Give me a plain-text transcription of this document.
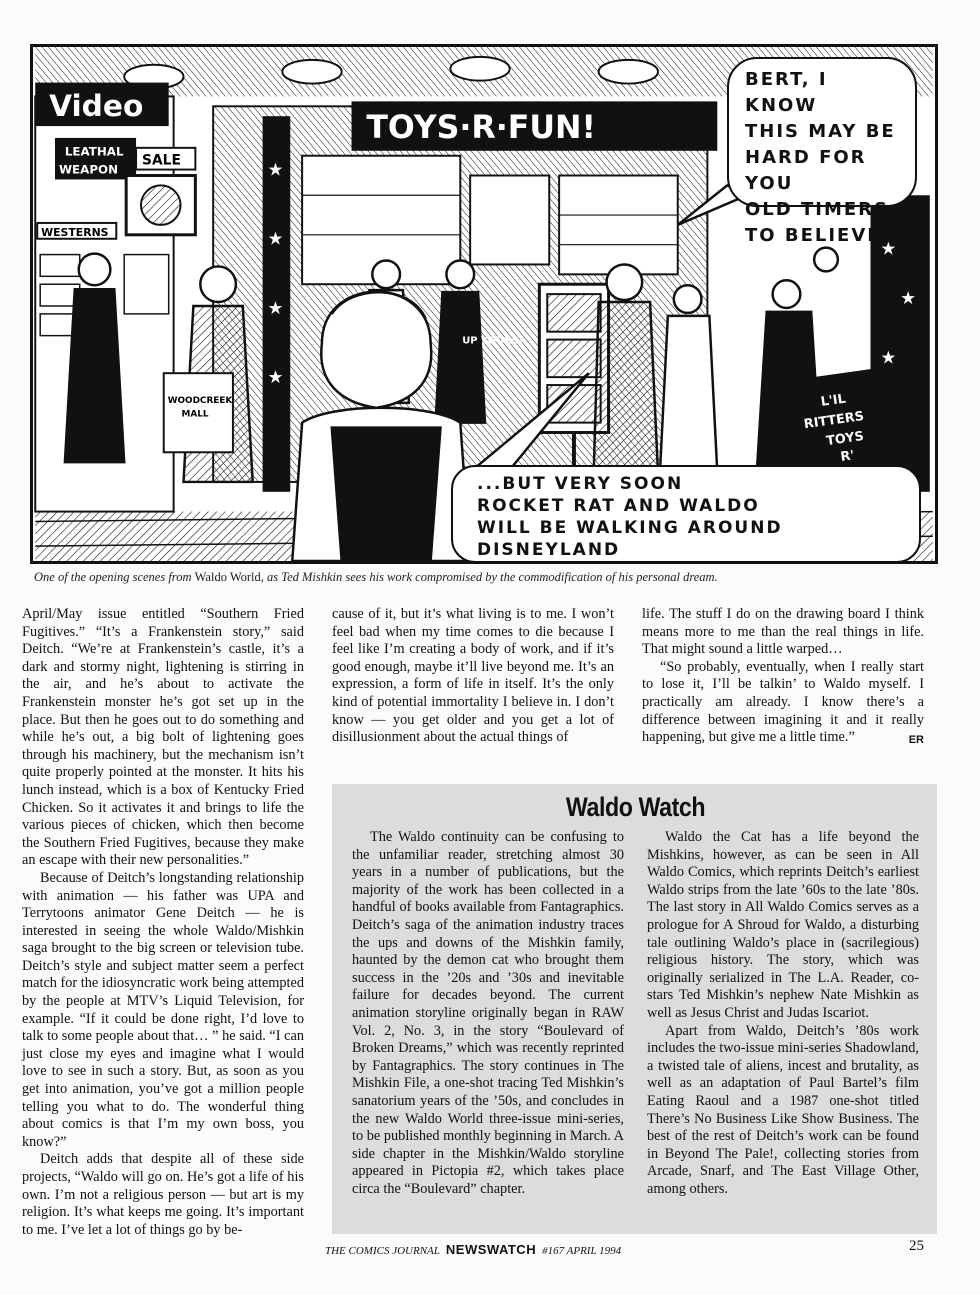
Video
LEATHAL
WEAPON
SALE
WESTERNS
TOYS·R·FUN!
★
★
★
★
★
★
★
UP YOURS!
WOODCREEK
MALL
L'IL
RITTERS
TOYS
R'
BERT, I KNOW
THIS MAY BE
HARD FOR YOU
OLD TIMERS
TO BELIEVE,
...BUT VERY SOON
ROCKET RAT AND WALDO
WILL BE WALKING AROUND DISNEYLAND

One of the opening scenes from Waldo World, as Ted Mishkin sees his work compromised by the commodification of his personal dream.

April/May issue entitled “Southern Fried Fugitives.” “It’s a Frankenstein story,” said Deitch. “We’re at Frankenstein’s castle, it’s a dark and stormy night, lightening is stirring in the air, and he’s about to activate the Frankenstein monster he’s got set up in the place. But then he goes out to do something and while he’s out, a big bolt of lightening goes through his machinery, but the mechanism isn’t quite properly pointed at the monster. It hits his lunch instead, which is a box of Kentucky Fried Chicken. So it activates it and brings to life the various pieces of chicken, which then become the Southern Fried Fugitives, because they make an escape with their new personalities.”

Because of Deitch’s longstanding relationship with animation — his father was UPA and Terrytoons animator Gene Deitch — he is interested in seeing the whole Waldo/Mishkin saga brought to the big screen or television tube. Deitch’s style and subject matter seem a perfect match for the idiosyncratic work being attempted by the people at MTV’s Liquid Television, for example. “If it could be done right, I’d love to talk to some people about that… ” he said. “I can just close my eyes and imagine what I would love to see in such a story. But, as soon as you get into animation, you’ve got a million people telling you what to do. The wonderful thing about comics is that I’m my own boss, you know?”

Deitch adds that despite all of these side projects, “Waldo will go on. He’s got a life of his own. I’m not a religious person — but art is my religion. It’s what keeps me going. It’s important to me. I’ve let a lot of things go by be-

cause of it, but it’s what living is to me. I won’t feel bad when my time comes to die because I feel like I’m creating a body of work, and if it’s good enough, maybe it’ll live beyond me. It’s an expression, a form of life in itself. It’s the only kind of potential immortality I believe in. I don’t know — you get older and you get a lot of disillusionment about the actual things of

life. The stuff I do on the drawing board I think means more to me than the real things in life. That might sound a little warped…

“So probably, eventually, when I really start to lose it, I’ll be talkin’ to Waldo myself. I practically am already. I know there’s a difference between imagining it and it really happening, but give me a little time.”	ER

Waldo Watch

The Waldo continuity can be confusing to the unfamiliar reader, stretching almost 30 years in a number of publications, but the majority of the work has been collected in a handful of books available from Fantagraphics. Deitch’s saga of the animation industry traces the ups and downs of the Mishkin family, haunted by the demon cat who brought them success in the ’20s and ’30s and inevitable failure for decades beyond. The current animation storyline originally began in RAW Vol. 2, No. 3, in the story “Boulevard of Broken Dreams,” which was recently reprinted by Fantagraphics. The story continues in The Mishkin File, a one-shot tracing Ted Mishkin’s sanatorium years of the ’50s, and concludes in the new Waldo World three-issue mini-series, to be published monthly beginning in March. A side chapter in the Mishkin/Waldo storyline appeared in Pictopia #2, which takes place circa the “Boulevard” chapter.

Waldo the Cat has a life beyond the Mishkins, however, as can be seen in All Waldo Comics, which reprints Deitch’s earliest Waldo strips from the late ’60s to the late ’80s. The last story in All Waldo Comics serves as a prologue for A Shroud for Waldo, a disturbing tale outlining Waldo’s place in (sacrilegious) religious history. The story, which was originally serialized in The L.A. Reader, co-stars Ted Mishkin’s nephew Nate Mishkin as well as Jesus Christ and Judas Iscariot.

Apart from Waldo, Deitch’s ’80s work includes the two-issue mini-series Shadowland, a twisted tale of aliens, incest and brutality, as well as an adaptation of Paul Bartel’s film Eating Raoul and a 1987 one-shot titled There’s No Business Like Show Business. The best of the rest of Deitch’s work can be found in Beyond The Pale!, collecting stories from Arcade, Snarf, and The East Village Other, among others.

THE COMICS JOURNAL NEWSWATCH #167 APRIL 1994	25
